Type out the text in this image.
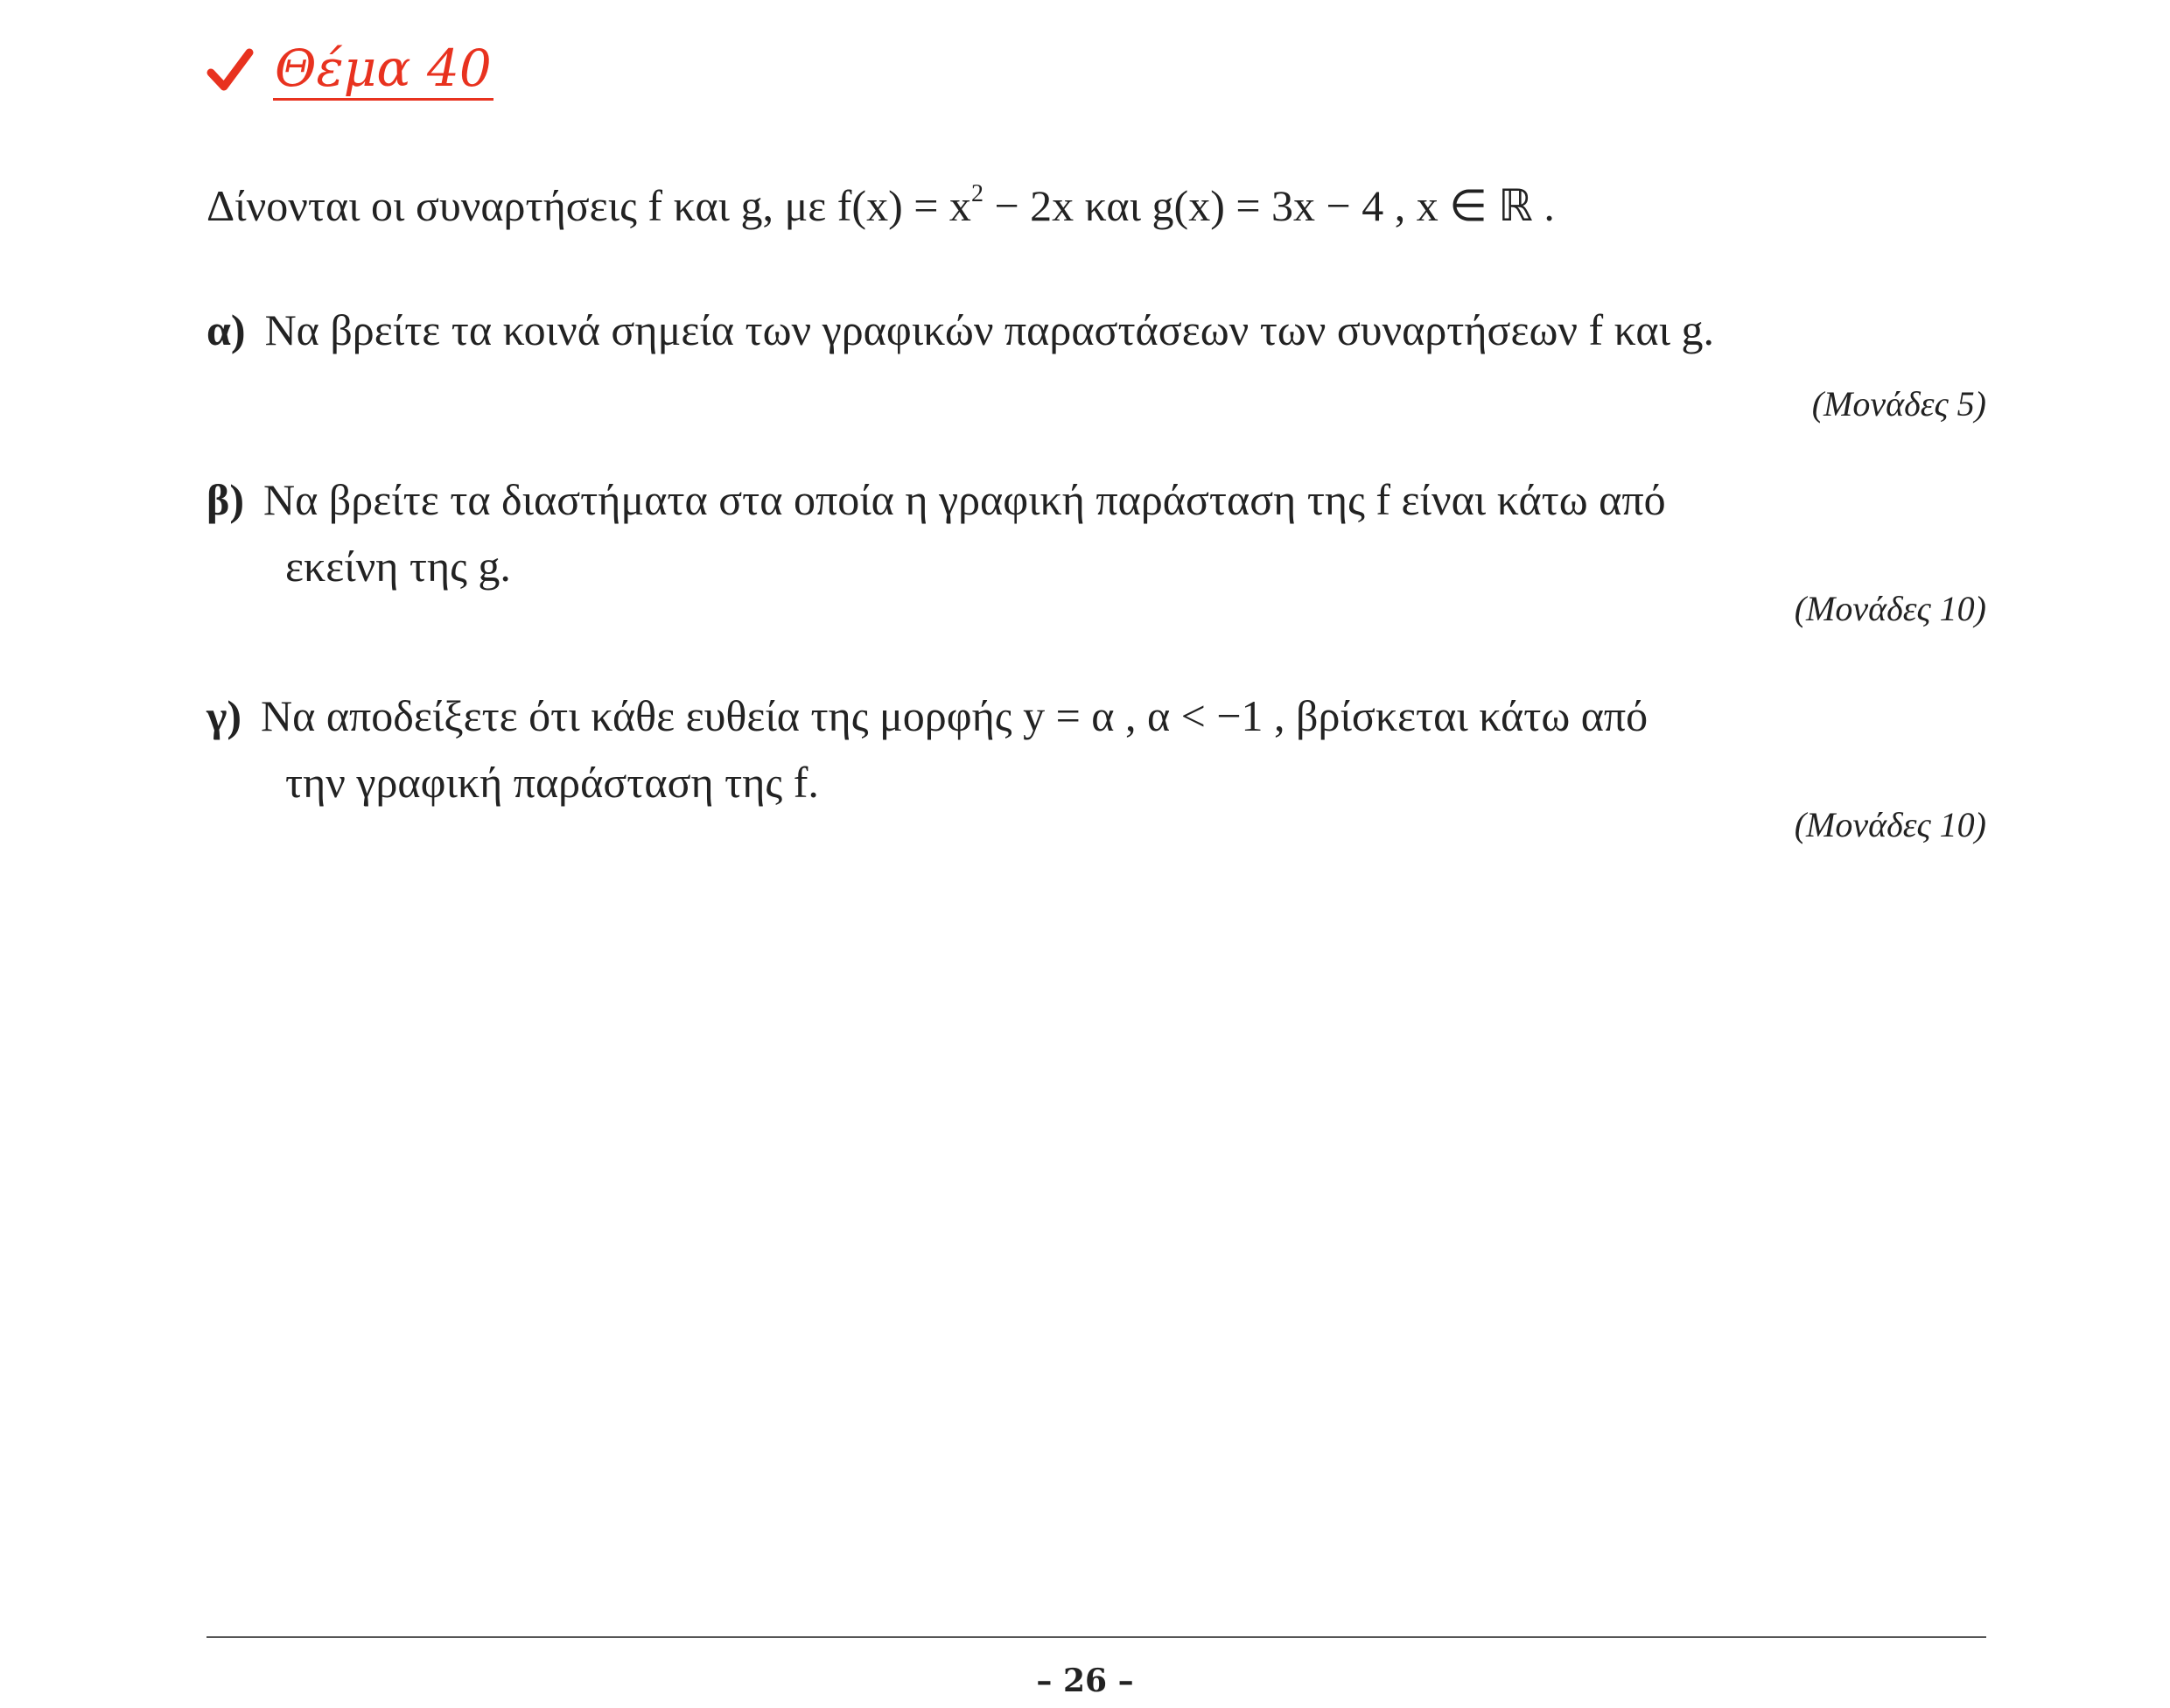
Θέμα 40
Δίνονται οι συναρτήσεις f και g, με $f(x) = x^2 - 2x$ και g(x) = 3x − 4 , x ∈ ℝ .
α) Να βρείτε τα κοινά σημεία των γραφικών παραστάσεων των συναρτήσεων f και g.
(Μονάδες 5)
β) Να βρείτε τα διαστήματα στα οποία η γραφική παράσταση της f είναι κάτω από
εκείνη της g.
(Μονάδες 10)
γ) Να αποδείξετε ότι κάθε ευθεία της μορφής y = α , α < −1 , βρίσκεται κάτω από
την γραφική παράσταση της f.
(Μονάδες 10)
– 26 –
